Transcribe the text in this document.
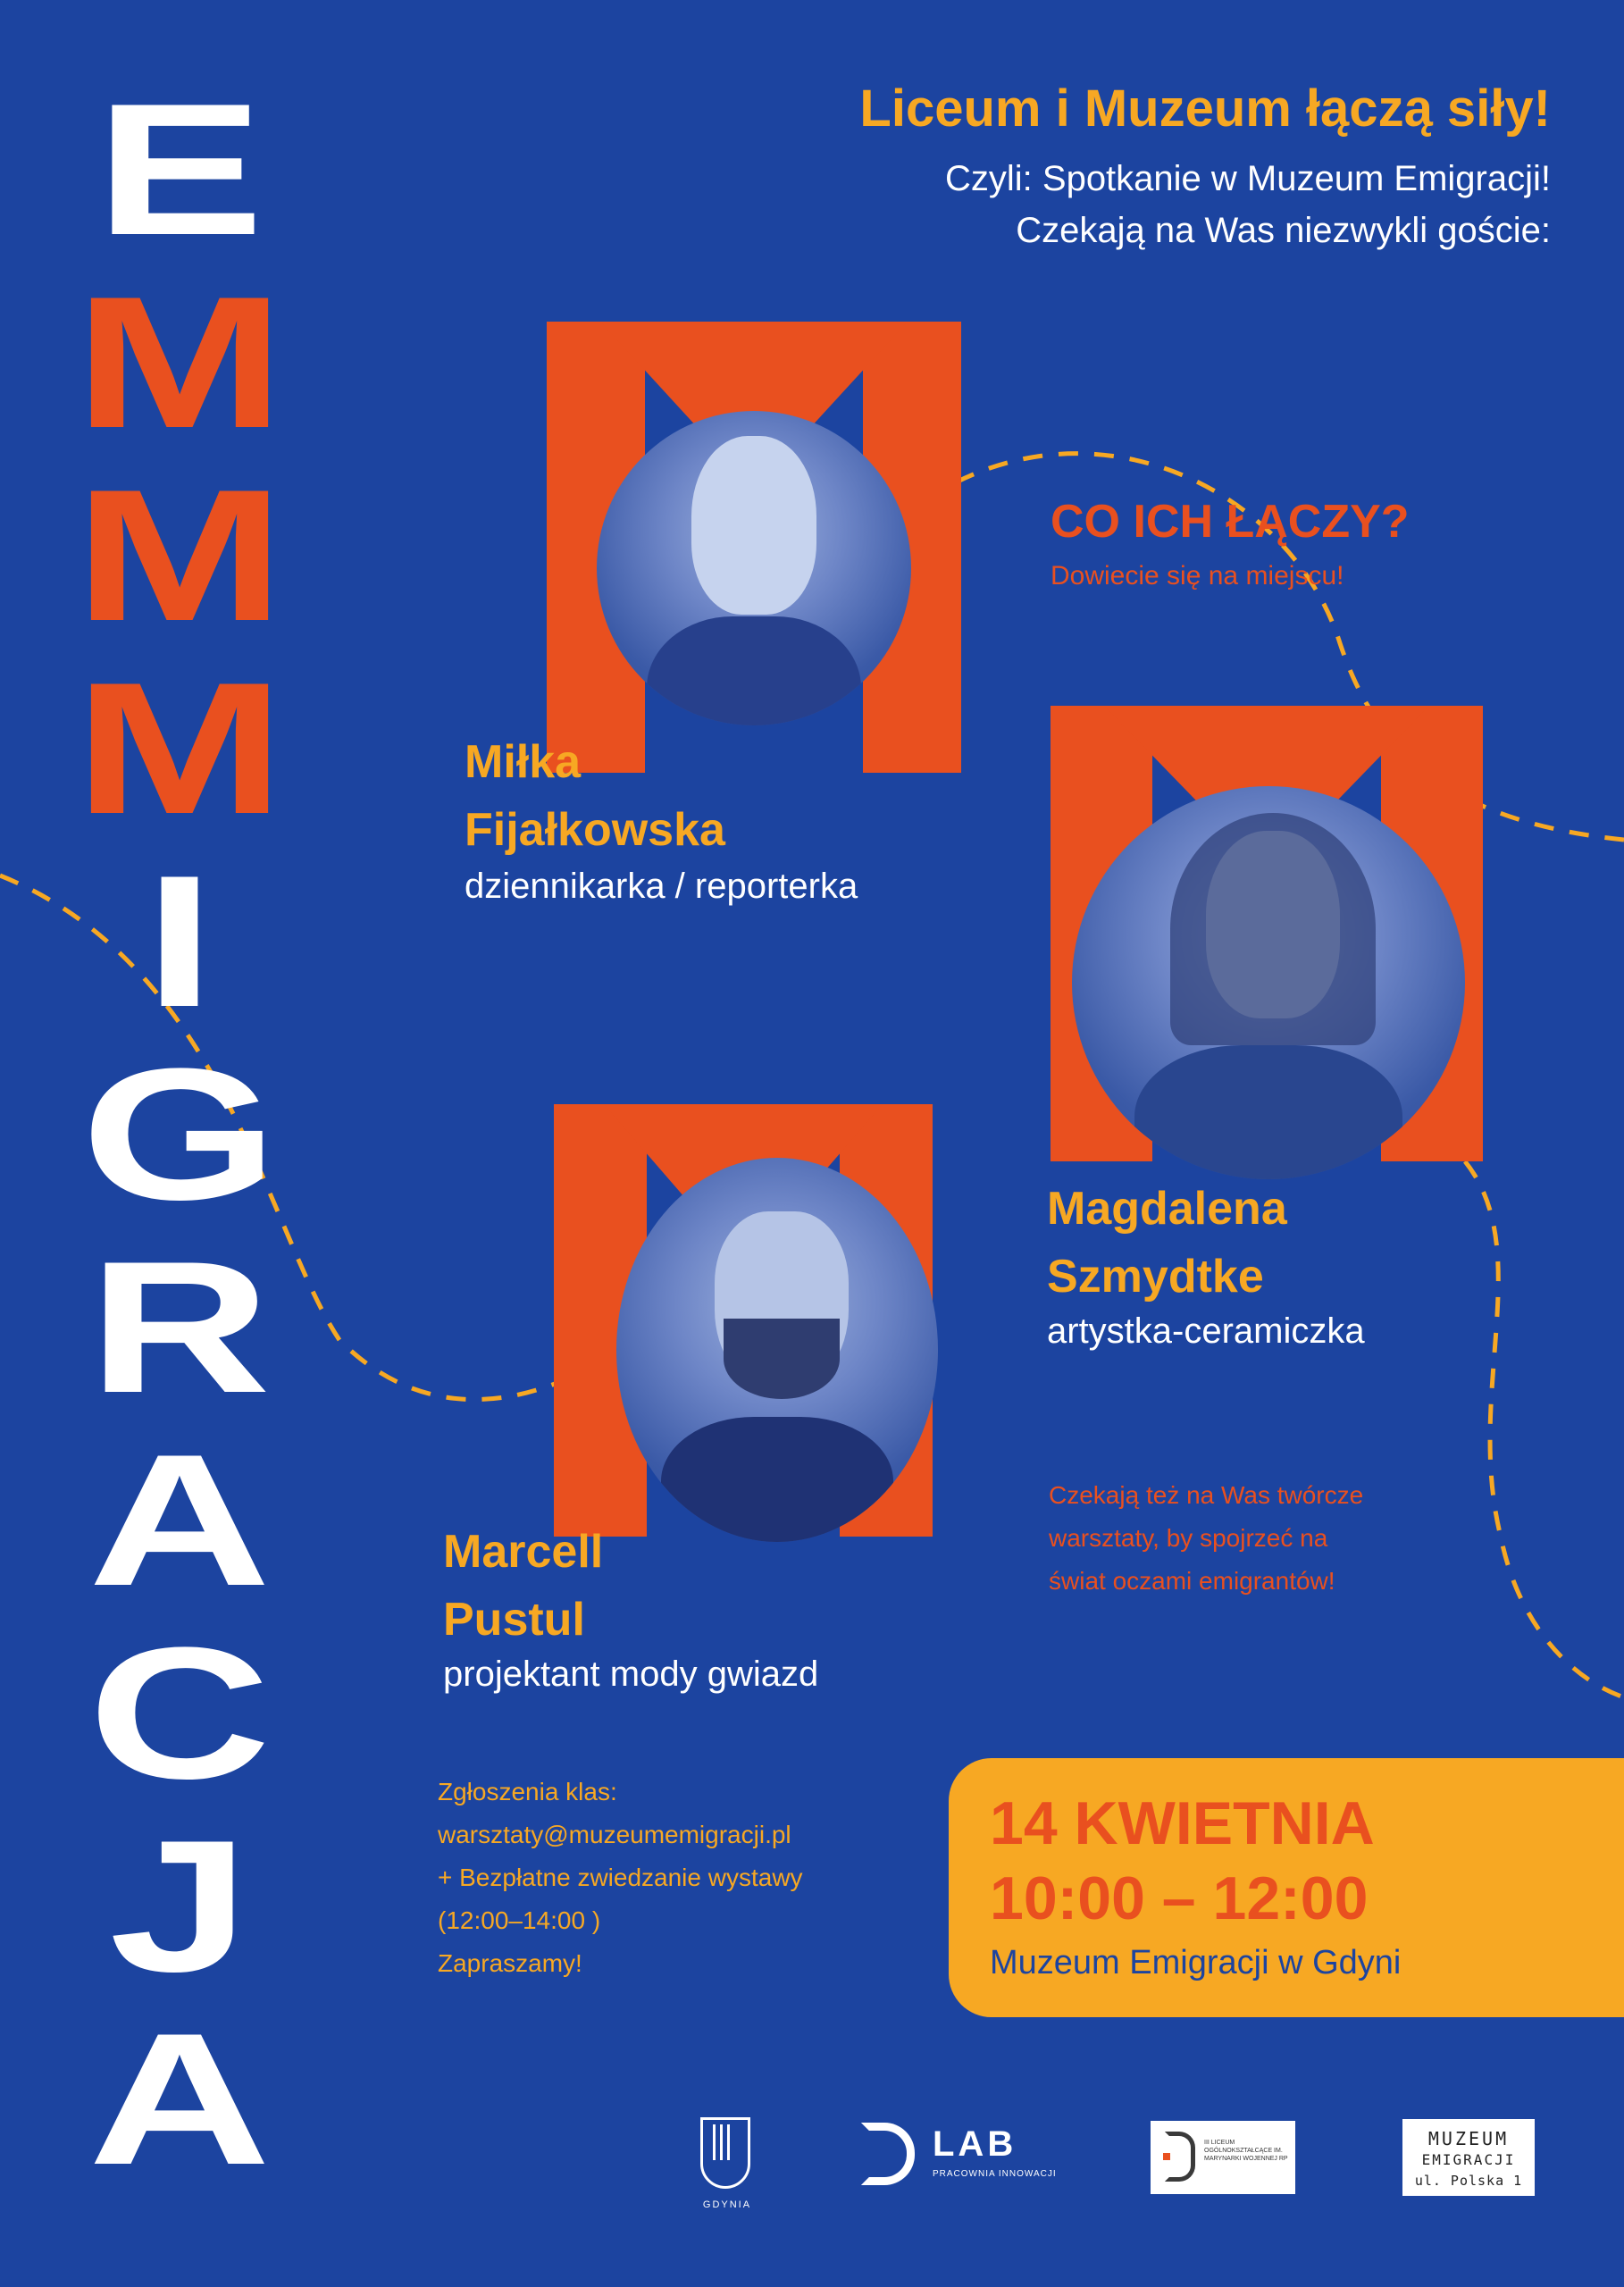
E
M
M
M
I
G
R
A
C
J
A
Liceum i Muzeum łączą siły!
Czyli: Spotkanie w Muzeum Emigracji!
Czekają na Was niezwykli goście:
Miłka
Fijałkowska
dziennikarka / reporterka
CO ICH ŁĄCZY?
Dowiecie się na miejscu!
Magdalena
Szmydtke
artystka-ceramiczka
Marcell
Pustul
projektant mody gwiazd
Czekają też na Was twórcze
warsztaty, by spojrzeć na
świat oczami emigrantów!
Zgłoszenia klas:
warsztaty@muzeumemigracji.pl
+ Bezpłatne zwiedzanie wystawy
(12:00–14:00 )
Zapraszamy!
14 KWIETNIA
10:00 – 12:00
Muzeum Emigracji w Gdyni
GDYNIA
LAB
PRACOWNIA INNOWACJI
III LICEUM OGÓLNOKSZTAŁCĄCE IM. MARYNARKI WOJENNEJ RP
MUZEUM
EMIGRACJI
ul. Polska 1
